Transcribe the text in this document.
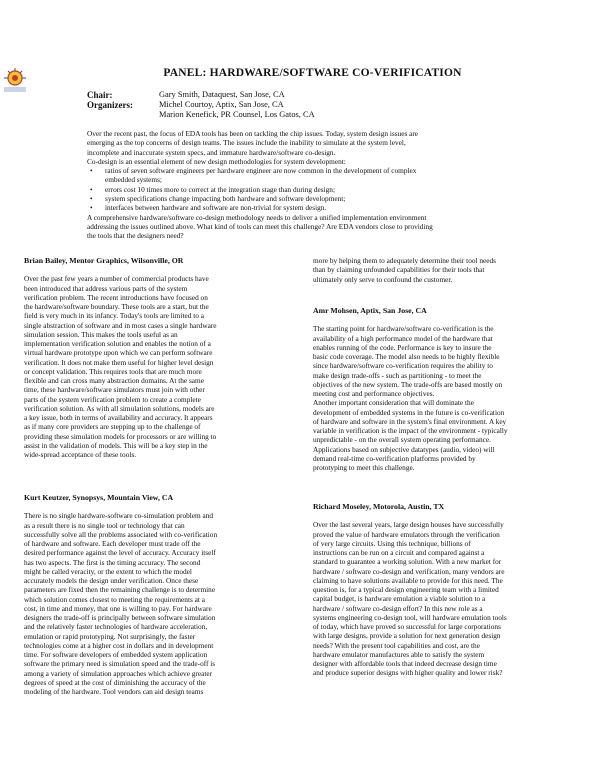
PANEL: HARDWARE/SOFTWARE CO-VERIFICATION
Chair:	Gary Smith, Dataquest, San Jose, CA
Organizers:	Michel Courtoy, Aptix, San Jose, CA
Marion Kenefick, PR Counsel, Los Gatos, CA
Over the recent past, the focus of EDA tools has been on tackling the chip issues. Today, system design issues are
emerging as the top concerns of design teams. The issues include the inability to simulate at the system level,
incomplete and inaccurate system specs, and immature hardware/software co-design.
Co-design is an essential element of new design methodologies for system development:
• ratios of seven software engineers per hardware engineer are now common in the development of complex
embedded systems;
• errors cost 10 times more to correct at the integration stage than during design;
• system specifications change impacting both hardware and software development;
• interfaces between hardware and software are non-trivial for system design.
A comprehensive hardware/software co-design methodology needs to deliver a unified implementation environment
addressing the issues outlined above. What kind of tools can meet this challenge? Are EDA vendors close to providing
the tools that the designers need?
Brian Bailey, Mentor Graphics, Wilsonville, OR
Over the past few years a number of commercial products have
been introduced that address various parts of the system
verification problem. The recent introductions have focused on
the hardware/software boundary. These tools are a start, but the
field is very much in its infancy. Today's tools are limited to a
single abstraction of software and in most cases a single hardware
simulation session. This makes the tools useful as an
implementation verification solution and enables the notion of a
virtual hardware prototype upon which we can perform software
verification. It does not make them useful for higher level design
or concept validation. This requires tools that are much more
flexible and can cross many abstraction domains. At the same
time, these hardware/software simulators must join with other
parts of the system verification problem to create a complete
verification solution. As with all simulation solutions, models are
a key issue, both in terms of availability and accuracy. It appears
as if many core providers are stepping up to the challenge of
providing these simulation models for processors or are willing to
assist in the validation of models. This will be a key step in the
wide-spread acceptance of these tools.
Kurt Keutzer, Synopsys, Mountain View, CA
There is no single hardware-software co-simulation problem and
as a result there is no single tool or technology that can
successfully solve all the problems associated with co-verification
of hardware and software. Each developer must trade off the
desired performance against the level of accuracy. Accuracy itself
has two aspects. The first is the timing accuracy. The second
might be called veracity, or the extent to which the model
accurately models the design under verification. Once these
parameters are fixed then the remaining challenge is to determine
which solution comes closest to meeting the requirements at a
cost, in time and money, that one is willing to pay. For hardware
designers the trade-off is principally between software simulation
and the relatively faster technologies of hardware acceleration,
emulation or rapid prototyping. Not surprisingly, the faster
technologies come at a higher cost in dollars and in development
time. For software developers of embedded system application
software the primary need is simulation speed and the trade-off is
among a variety of simulation approaches which achieve greater
degrees of speed at the cost of diminishing the accuracy of the
modeling of the hardware. Tool vendors can aid design teams
more by helping them to adequately determine their tool needs
than by claiming unfounded capabilities for their tools that
ultimately only serve to confound the customer.
Amr Mohsen, Aptix, San Jose, CA
The starting point for hardware/software co-verification is the
availability of a high performance model of the hardware that
enables running of the code. Performance is key to insure the
basic code coverage. The model also needs to be highly flexible
since hardware/software co-verification requires the ability to
make design trade-offs - such as partitioning - to meet the
objectives of the new system. The trade-offs are based mostly on
meeting cost and performance objectives.
Another important consideration that will dominate the
development of embedded systems in the future is co-verification
of hardware and software in the system's final environment. A key
variable in verification is the impact of the environment - typically
unpredictable - on the overall system operating performance.
Applications based on subjective datatypes (audio, video) will
demand real-time co-verification platforms provided by
prototyping to meet this challenge.
Richard Moseley, Motorola, Austin, TX
Over the last several years, large design houses have successfully
proved the value of hardware emulators through the verification
of very large circuits. Using this technique, billions of
instructions can be run on a circuit and compared against a
standard to guarantee a working solution. With a new market for
hardware / software co-design and verification, many vendors are
claiming to have solutions available to provide for this need. The
question is, for a typical design engineering team with a limited
capital budget, is hardware emulation a viable solution to a
hardware / software co-design effort? In this new role as a
systems engineering co-design tool, will hardware emulation tools
of today, which have proved so successful for large corporations
with large designs, provide a solution for next generation design
needs? With the present tool capabilities and cost, are the
hardware emulator manufactures able to satisfy the system
designer with affordable tools that indeed decrease design time
and produce superior designs with higher quality and lower risk?
